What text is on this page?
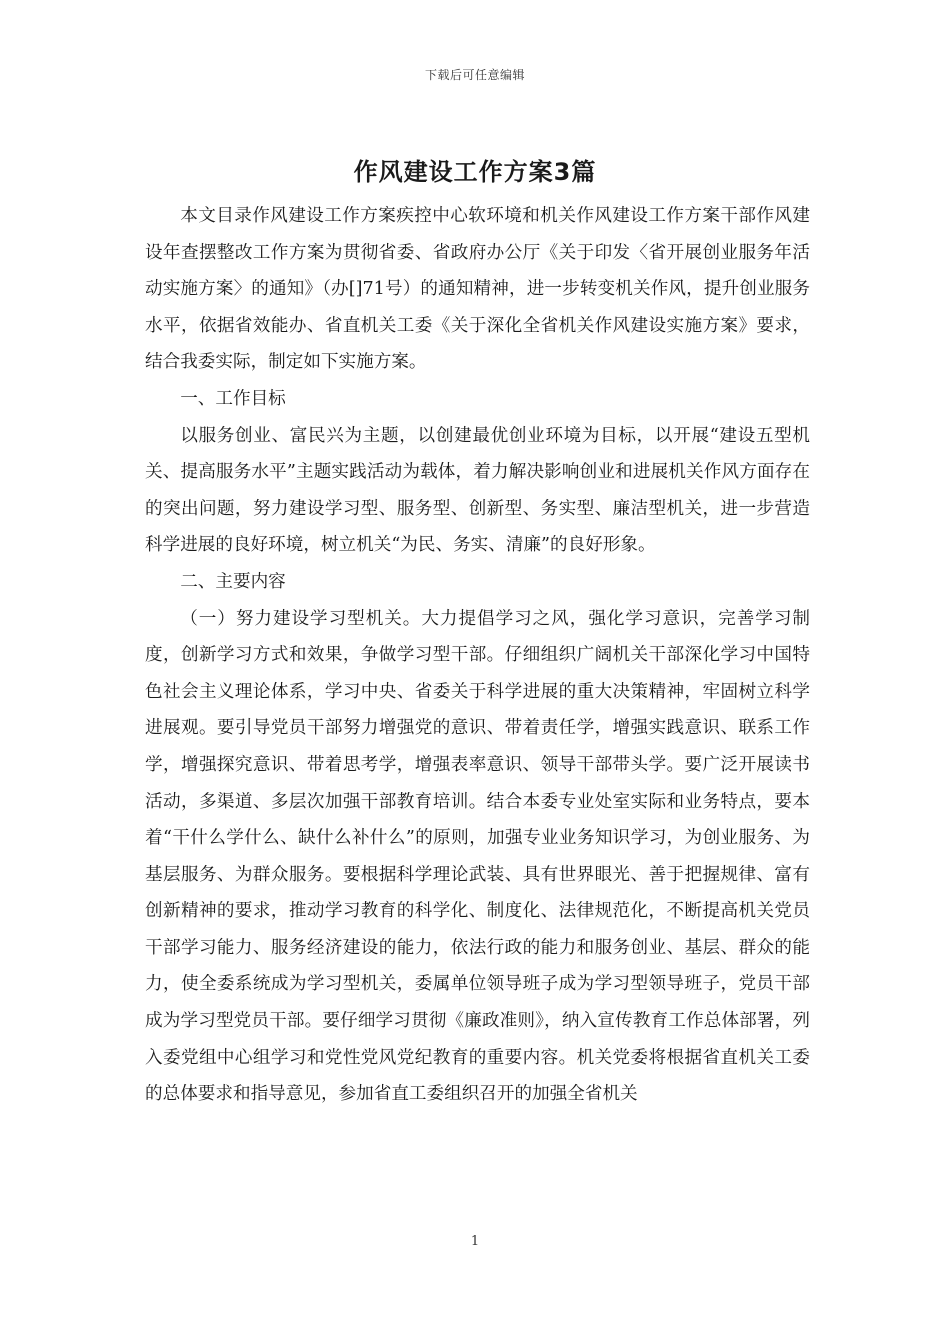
下载后可任意编辑
作风建设工作方案3篇

本文目录作风建设工作方案疾控中心软环境和机关作风建设工作方案干部作风建设年查摆整改工作方案为贯彻省委、省政府办公厅《关于印发〈省开展创业服务年活动实施方案〉的通知》（办[]71号）的通知精神，进一步转变机关作风，提升创业服务水平，依据省效能办、省直机关工委《关于深化全省机关作风建设实施方案》要求，结合我委实际，制定如下实施方案。

一、工作目标

以服务创业、富民兴为主题，以创建最优创业环境为目标，以开展“建设五型机关、提高服务水平”主题实践活动为载体，着力解决影响创业和进展机关作风方面存在的突出问题，努力建设学习型、服务型、创新型、务实型、廉洁型机关，进一步营造科学进展的良好环境，树立机关“为民、务实、清廉”的良好形象。

二、主要内容

（一）努力建设学习型机关。大力提倡学习之风，强化学习意识，完善学习制度，创新学习方式和效果，争做学习型干部。仔细组织广阔机关干部深化学习中国特色社会主义理论体系，学习中央、省委关于科学进展的重大决策精神，牢固树立科学进展观。要引导党员干部努力增强党的意识、带着责任学，增强实践意识、联系工作学，增强探究意识、带着思考学，增强表率意识、领导干部带头学。要广泛开展读书活动，多渠道、多层次加强干部教育培训。结合本委专业处室实际和业务特点，要本着“干什么学什么、缺什么补什么”的原则，加强专业业务知识学习，为创业服务、为基层服务、为群众服务。要根据科学理论武装、具有世界眼光、善于把握规律、富有创新精神的要求，推动学习教育的科学化、制度化、法律规范化，不断提高机关党员干部学习能力、服务经济建设的能力，依法行政的能力和服务创业、基层、群众的能力，使全委系统成为学习型机关，委属单位领导班子成为学习型领导班子，党员干部成为学习型党员干部。要仔细学习贯彻《廉政准则》，纳入宣传教育工作总体部署，列入委党组中心组学习和党性党风党纪教育的重要内容。机关党委将根据省直机关工委的总体要求和指导意见，参加省直工委组织召开的加强全省机关

1
